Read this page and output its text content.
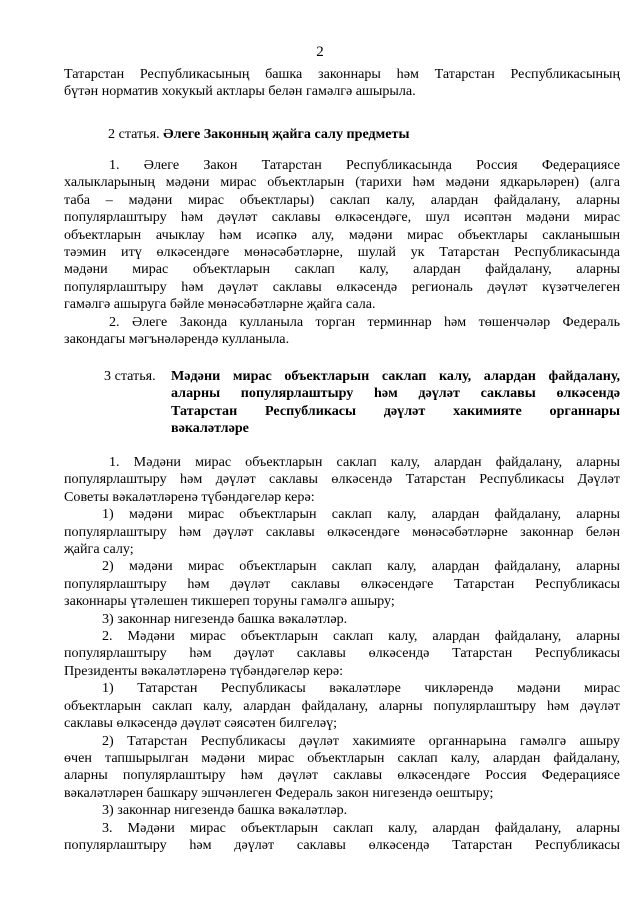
2
Татарстан Республикасының башка законнары һәм Татарстан Республикасының
бүтән норматив хокукый актлары белән гамәлгә ашырыла.
2 статья. Әлеге Законның җайга салу предметы
1. Әлеге Закон Татарстан Республикасында Россия Федерациясе
халыкларының мәдәни мирас объектларын (тарихи һәм мәдәни ядкарьләрен) (алга
таба – мәдәни мирас объектлары) саклап калу, алардан файдалану, аларны
популярлаштыру һәм дәүләт саклавы өлкәсендәге, шул исәптән мәдәни мирас
объектларын ачыклау һәм исәпкә алу, мәдәни мирас объектлары сакланышын
тәэмин итү өлкәсендәге мөнәсәбәтләрне, шулай ук Татарстан Республикасында
мәдәни мирас объектларын саклап калу, алардан файдалану, аларны
популярлаштыру һәм дәүләт саклавы өлкәсендә региональ дәүләт күзәтчелеген
гамәлгә ашыруга бәйле мөнәсәбәтләрне җайга сала.
2. Әлеге Законда кулланыла торган терминнар һәм төшенчәләр Федераль
закондагы мәгънәләрендә кулланыла.
3 статья. Мәдәни мирас объектларын саклап калу, алардан файдалану,
аларны популярлаштыру һәм дәүләт саклавы өлкәсендә
Татарстан Республикасы дәүләт хакимияте органнары
вәкаләтләре
1. Мәдәни мирас объектларын саклап калу, алардан файдалану, аларны
популярлаштыру һәм дәүләт саклавы өлкәсендә Татарстан Республикасы Дәүләт
Советы вәкаләтләренә түбәндәгеләр керә:
1) мәдәни мирас объектларын саклап калу, алардан файдалану, аларны
популярлаштыру һәм дәүләт саклавы өлкәсендәге мөнәсәбәтләрне законнар белән
җайга салу;
2) мәдәни мирас объектларын саклап калу, алардан файдалану, аларны
популярлаштыру һәм дәүләт саклавы өлкәсендәге Татарстан Республикасы
законнары үтәлешен тикшереп торуны гамәлгә ашыру;
3) законнар нигезендә башка вәкаләтләр.
2. Мәдәни мирас объектларын саклап калу, алардан файдалану, аларны
популярлаштыру һәм дәүләт саклавы өлкәсендә Татарстан Республикасы
Президенты вәкаләтләренә түбәндәгеләр керә:
1) Татарстан Республикасы вәкаләтләре чикләрендә мәдәни мирас
объектларын саклап калу, алардан файдалану, аларны популярлаштыру һәм дәүләт
саклавы өлкәсендә дәүләт сәясәтен билгеләү;
2) Татарстан Республикасы дәүләт хакимияте органнарына гамәлгә ашыру
өчен тапшырылган мәдәни мирас объектларын саклап калу, алардан файдалану,
аларны популярлаштыру һәм дәүләт саклавы өлкәсендәге Россия Федерациясе
вәкаләтләрен башкару эшчәнлеген Федераль закон нигезендә оештыру;
3) законнар нигезендә башка вәкаләтләр.
3. Мәдәни мирас объектларын саклап калу, алардан файдалану, аларны
популярлаштыру һәм дәүләт саклавы өлкәсендә Татарстан Республикасы
